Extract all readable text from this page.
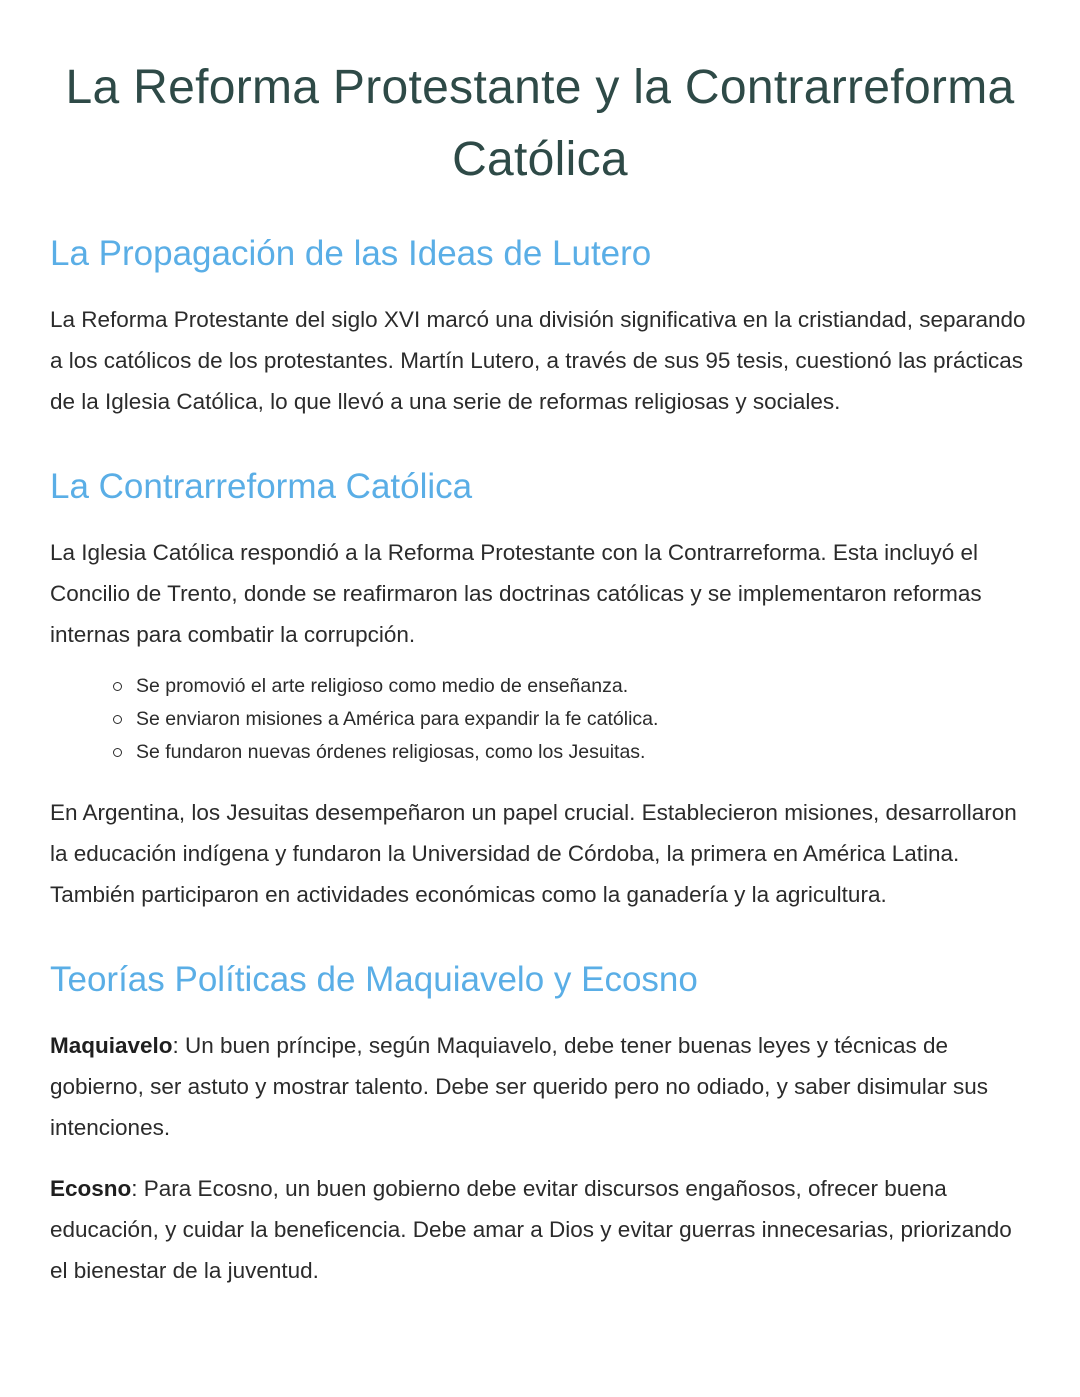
La Reforma Protestante y la Contrarreforma Católica
La Propagación de las Ideas de Lutero

La Reforma Protestante del siglo XVI marcó una división significativa en la cristiandad, separando a los católicos de los protestantes. Martín Lutero, a través de sus 95 tesis, cuestionó las prácticas de la Iglesia Católica, lo que llevó a una serie de reformas religiosas y sociales.

La Contrarreforma Católica

La Iglesia Católica respondió a la Reforma Protestante con la Contrarreforma. Esta incluyó el Concilio de Trento, donde se reafirmaron las doctrinas católicas y se implementaron reformas internas para combatir la corrupción.

Se promovió el arte religioso como medio de enseñanza.
Se enviaron misiones a América para expandir la fe católica.
Se fundaron nuevas órdenes religiosas, como los Jesuitas.

En Argentina, los Jesuitas desempeñaron un papel crucial. Establecieron misiones, desarrollaron la educación indígena y fundaron la Universidad de Córdoba, la primera en América Latina. También participaron en actividades económicas como la ganadería y la agricultura.

Teorías Políticas de Maquiavelo y Ecosno

Maquiavelo: Un buen príncipe, según Maquiavelo, debe tener buenas leyes y técnicas de gobierno, ser astuto y mostrar talento. Debe ser querido pero no odiado, y saber disimular sus intenciones.

Ecosno: Para Ecosno, un buen gobierno debe evitar discursos engañosos, ofrecer buena educación, y cuidar la beneficencia. Debe amar a Dios y evitar guerras innecesarias, priorizando el bienestar de la juventud.
